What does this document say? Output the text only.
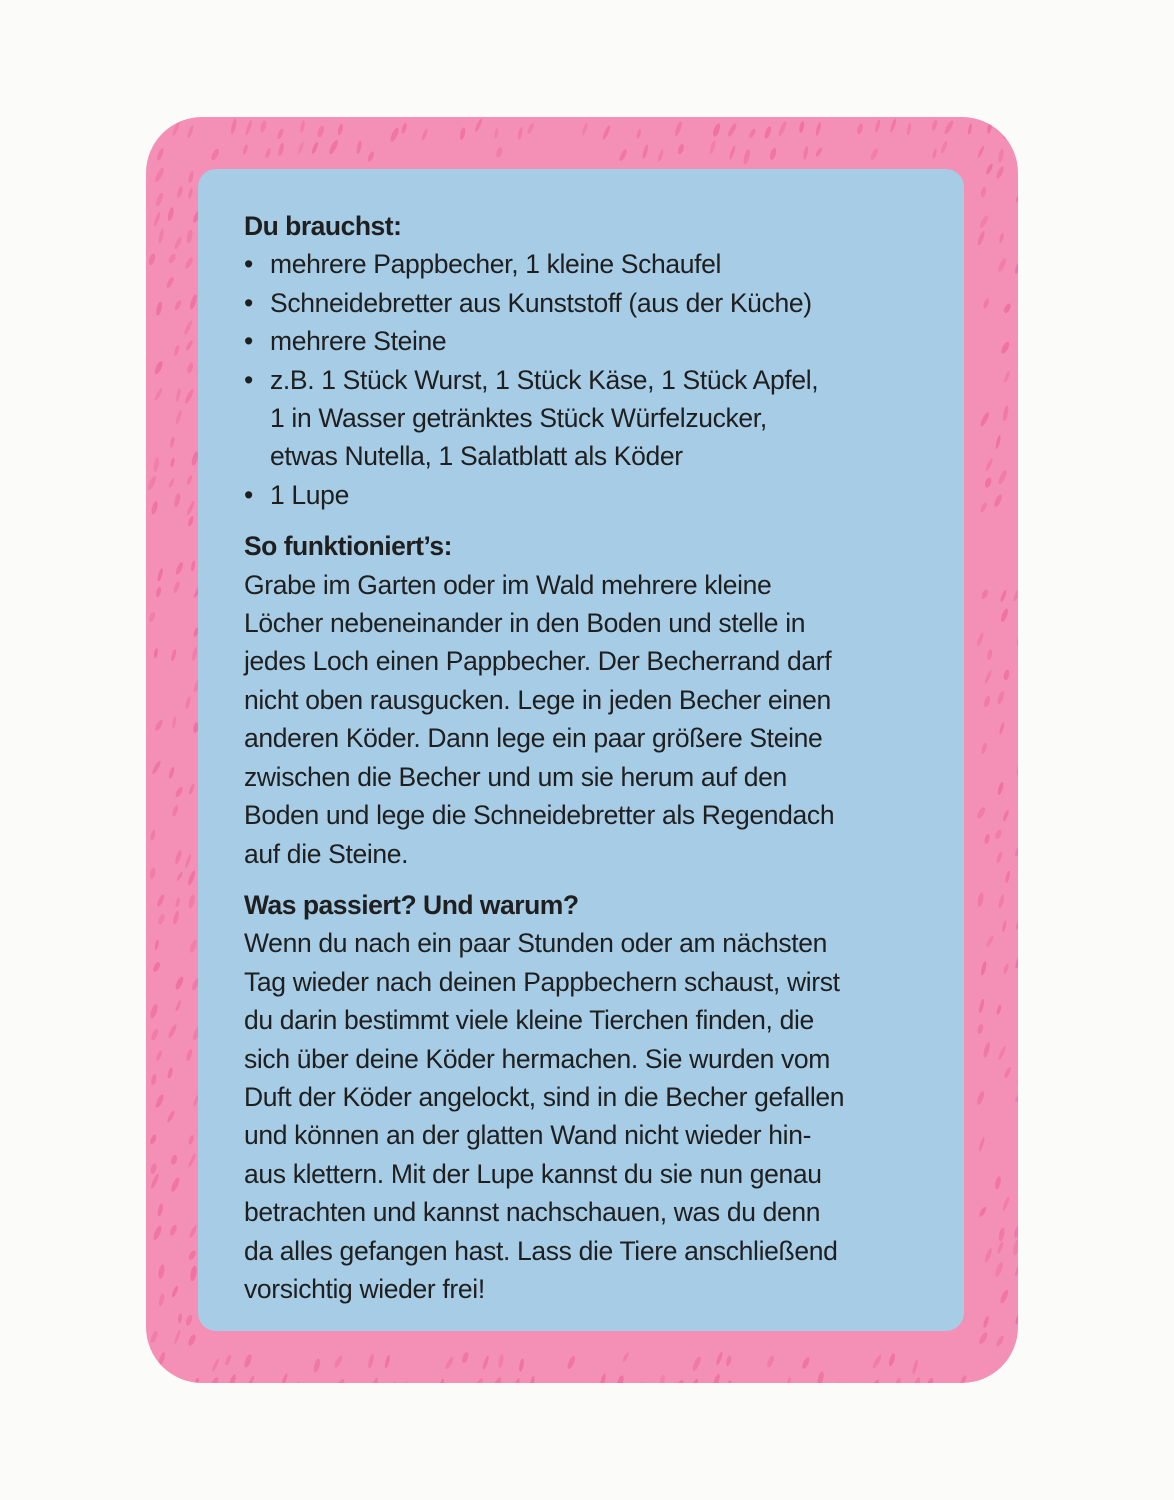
Du brauchst:
• mehrere Pappbecher, 1 kleine Schaufel
• Schneidebretter aus Kunststoff (aus der Küche)
• mehrere Steine
• z.B. 1 Stück Wurst, 1 Stück Käse, 1 Stück Apfel,
1 in Wasser getränktes Stück Würfelzucker,
etwas Nutella, 1 Salatblatt als Köder
• 1 Lupe
So funktioniert’s:

Grabe im Garten oder im Wald mehrere kleine
Löcher nebeneinander in den Boden und stelle in
jedes Loch einen Pappbecher. Der Becherrand darf
nicht oben rausgucken. Lege in jeden Becher einen
anderen Köder. Dann lege ein paar größere Steine
zwischen die Becher und um sie herum auf den
Boden und lege die Schneidebretter als Regendach
auf die Steine.

Was passiert? Und warum?

Wenn du nach ein paar Stunden oder am nächsten
Tag wieder nach deinen Pappbechern schaust, wirst
du darin bestimmt viele kleine Tierchen finden, die
sich über deine Köder hermachen. Sie wurden vom
Duft der Köder angelockt, sind in die Becher gefallen
und können an der glatten Wand nicht wieder hin-
aus klettern. Mit der Lupe kannst du sie nun genau
betrachten und kannst nachschauen, was du denn
da alles gefangen hast. Lass die Tiere anschließend
vorsichtig wieder frei!
